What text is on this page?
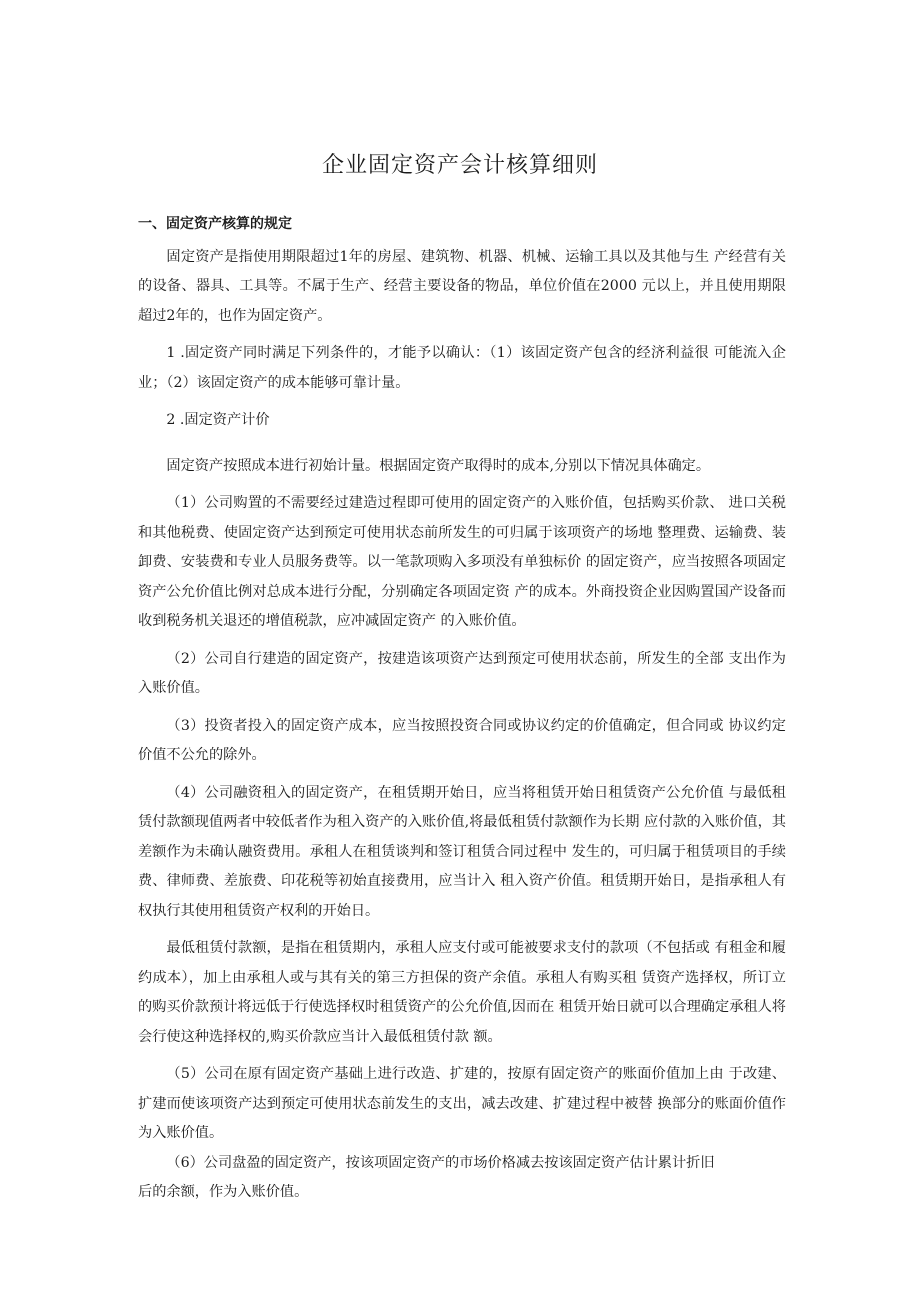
企业固定资产会计核算细则
一、固定资产核算的规定

固定资产是指使用期限超过1年的房屋、建筑物、机器、机械、运输工具以及其他与生 产经营有关的设备、器具、工具等。不属于生产、经营主要设备的物品，单位价值在2000 元以上，并且使用期限超过2年的，也作为固定资产。

1 .固定资产同时满足下列条件的，才能予以确认：（1）该固定资产包含的经济利益很 可能流入企业；（2）该固定资产的成本能够可靠计量。

2 .固定资产计价

固定资产按照成本进行初始计量。根据固定资产取得时的成本,分别以下情况具体确定。

（1）公司购置的不需要经过建造过程即可使用的固定资产的入账价值，包括购买价款、 进口关税和其他税费、使固定资产达到预定可使用状态前所发生的可归属于该项资产的场地 整理费、运输费、装卸费、安装费和专业人员服务费等。以一笔款项购入多项没有单独标价 的固定资产，应当按照各项固定资产公允价值比例对总成本进行分配，分别确定各项固定资 产的成本。外商投资企业因购置国产设备而收到税务机关退还的增值税款，应冲减固定资产 的入账价值。

（2）公司自行建造的固定资产，按建造该项资产达到预定可使用状态前，所发生的全部 支出作为入账价值。

（3）投资者投入的固定资产成本，应当按照投资合同或协议约定的价值确定，但合同或 协议约定价值不公允的除外。

（4）公司融资租入的固定资产，在租赁期开始日，应当将租赁开始日租赁资产公允价值 与最低租赁付款额现值两者中较低者作为租入资产的入账价值,将最低租赁付款额作为长期 应付款的入账价值，其差额作为未确认融资费用。承租人在租赁谈判和签订租赁合同过程中 发生的，可归属于租赁项目的手续费、律师费、差旅费、印花税等初始直接费用，应当计入 租入资产价值。租赁期开始日，是指承租人有权执行其使用租赁资产权利的开始日。

最低租赁付款额，是指在租赁期内，承租人应支付或可能被要求支付的款项（不包括或 有租金和履约成本），加上由承租人或与其有关的第三方担保的资产余值。承租人有购买租 赁资产选择权，所订立的购买价款预计将远低于行使选择权时租赁资产的公允价值,因而在 租赁开始日就可以合理确定承租人将会行使这种选择权的,购买价款应当计入最低租赁付款 额。

（5）公司在原有固定资产基础上进行改造、扩建的，按原有固定资产的账面价值加上由 于改建、扩建而使该项资产达到预定可使用状态前发生的支出，减去改建、扩建过程中被替 换部分的账面价值作为入账价值。

（6）公司盘盈的固定资产，按该项固定资产的市场价格减去按该固定资产估计累计折旧

后的余额，作为入账价值。
